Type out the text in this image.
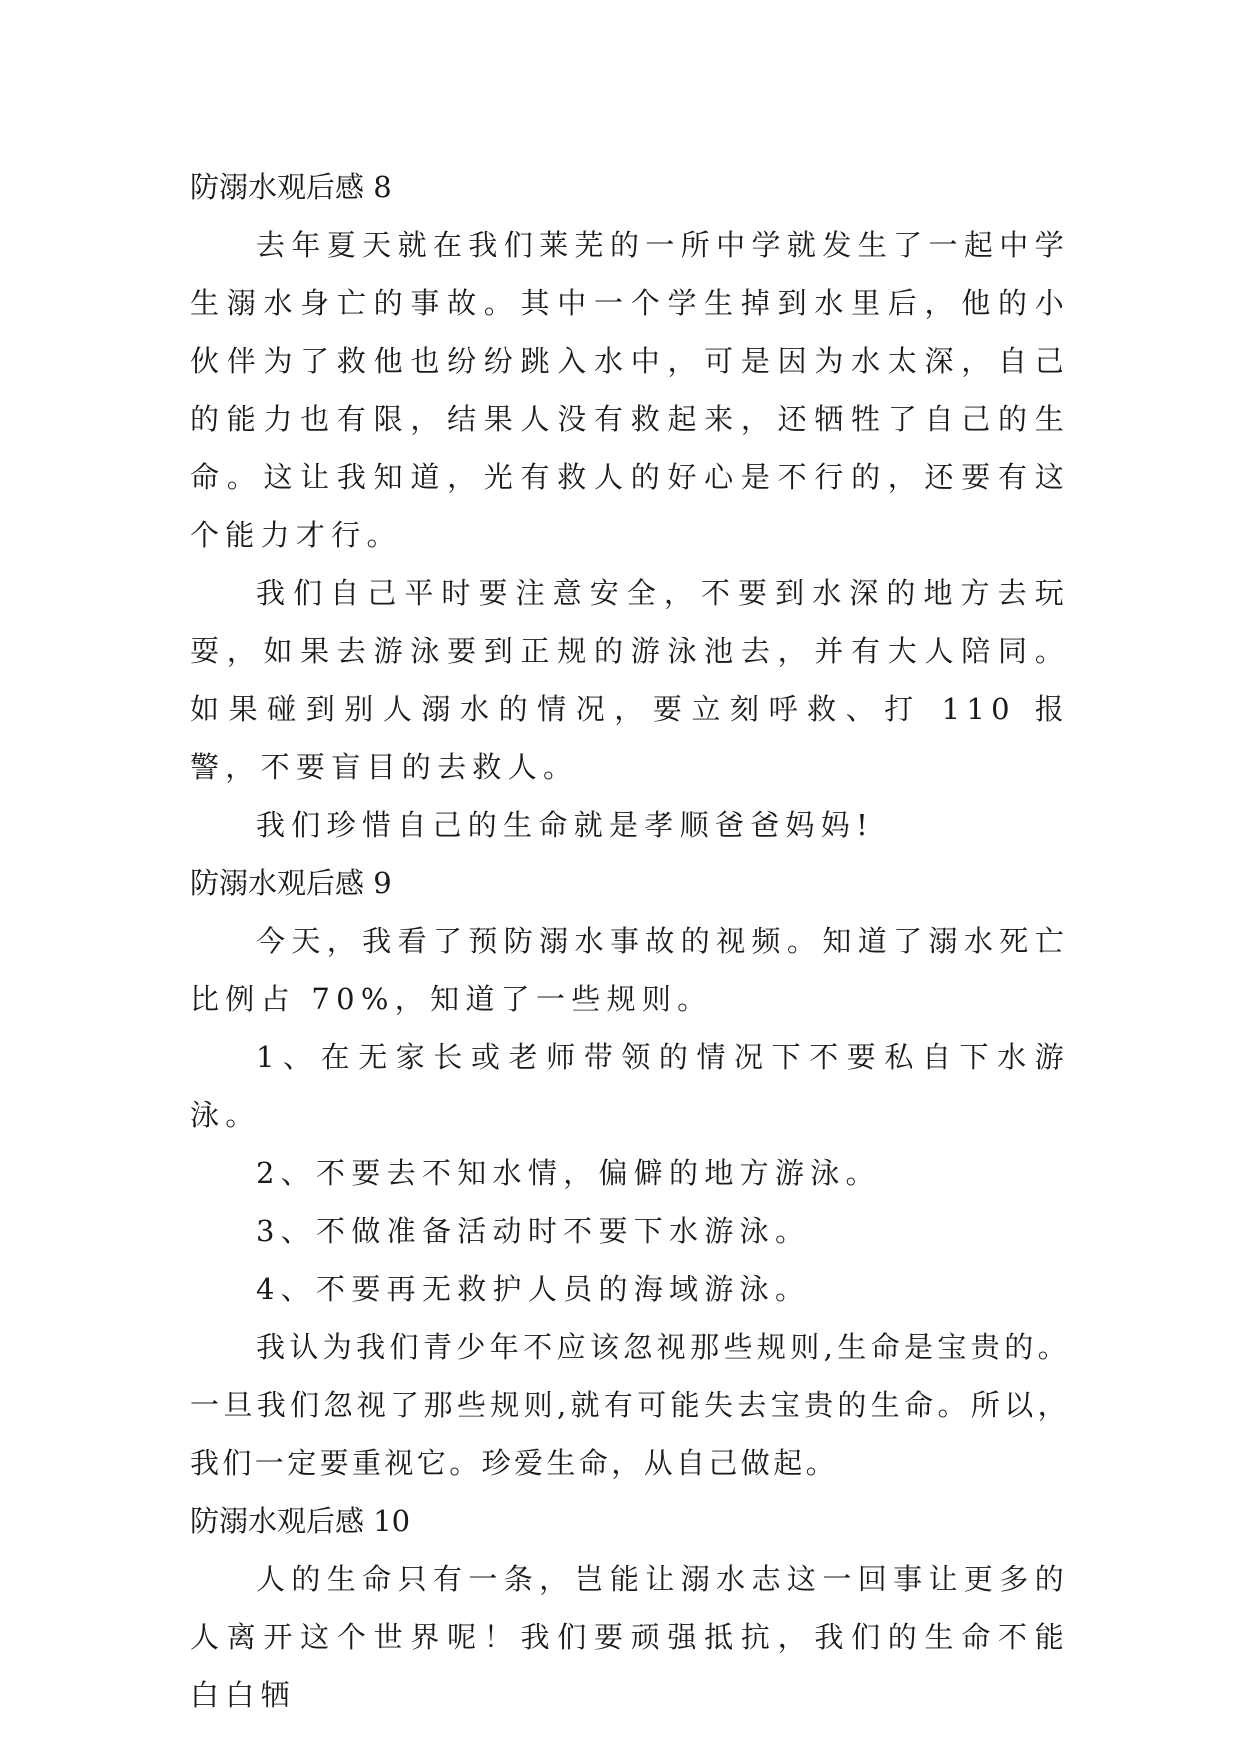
防溺水观后感 8

去年夏天就在我们莱芜的一所中学就发生了一起中学生溺水身亡的事故。其中一个学生掉到水里后，他的小伙伴为了救他也纷纷跳入水中，可是因为水太深，自己的能力也有限，结果人没有救起来，还牺牲了自己的生命。这让我知道，光有救人的好心是不行的，还要有这个能力才行。

我们自己平时要注意安全，不要到水深的地方去玩耍，如果去游泳要到正规的游泳池去，并有大人陪同。如果碰到别人溺水的情况，要立刻呼救、打 110 报警，不要盲目的去救人。

我们珍惜自己的生命就是孝顺爸爸妈妈!

防溺水观后感 9

今天，我看了预防溺水事故的视频。知道了溺水死亡比例占 70%，知道了一些规则。

1、在无家长或老师带领的情况下不要私自下水游泳。

2、不要去不知水情，偏僻的地方游泳。

3、不做准备活动时不要下水游泳。

4、不要再无救护人员的海域游泳。

我认为我们青少年不应该忽视那些规则,生命是宝贵的。一旦我们忽视了那些规则,就有可能失去宝贵的生命。所以，我们一定要重视它。珍爱生命，从自己做起。

防溺水观后感 10

人的生命只有一条，岂能让溺水志这一回事让更多的人离开这个世界呢！我们要顽强抵抗，我们的生命不能白白牺
